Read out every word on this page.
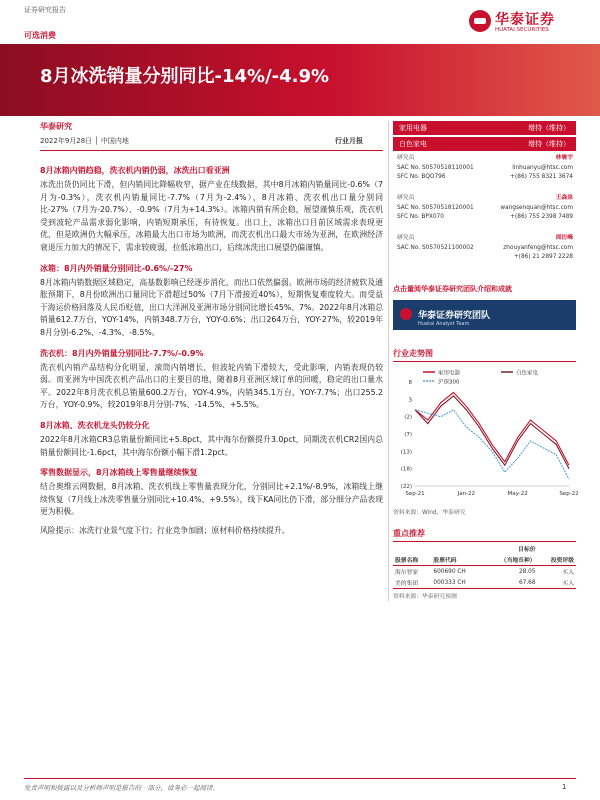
证券研究报告
华泰证券
HUATAI SECURITIES
可选消费
8月冰洗销量分别同比-14%/-4.9%
华泰研究
2022年9月28日 │ 中国内地	行业月报
8月冰箱内销趋稳，洗衣机内销仍弱，冰洗出口看亚洲
冰洗出货仍同比下滑，但内销同比降幅收窄，据产业在线数据，其中8月冰箱内销量同比-0.6%（7月为-0.3%），洗衣机内销量同比-7.7%（7月为-2.4%），8月冰箱、洗衣机出口量分别同比-27%（7月为-20.7%）、-0.9%（7月为+14.3%）。冰箱内销有所企稳，展望谨慎乐观，洗衣机受到波轮产品需求弱化影响，内销短期承压，有待恢复。出口上，冰箱出口目前区域需求表现更优，但是欧洲仍大幅承压，冰箱最大出口市场为欧洲，而洗衣机出口最大市场为亚洲，在欧洲经济衰退压力加大的情况下，需求较疲弱，拉低冰箱出口，后续冰洗出口展望仍偏谨慎。
冰箱：8月内外销量分别同比-0.6%/-27%
8月冰箱内销数据区域稳定，高基数影响已经逐步消化，而出口依然偏弱。欧洲市场的经济疲软及通胀预期下，8月份欧洲出口量同比下滑超过50%（7月下滑接近40%），短期恢复难度较大。而受益于海运价格回落及人民币贬值，出口大洋洲及亚洲市场分别同比增长45%、7%。2022年8月冰箱总销量612.7万台，YOY-14%，内销348.7万台，YOY-0.6%；出口264万台，YOY-27%，较2019年8月分别-6.2%、-4.3%、-8.5%。
洗衣机：8月内外销量分别同比-7.7%/-0.9%
洗衣机内销产品结构分化明显，滚筒内销增长，但波轮内销下滑较大，受此影响，内销表现仍较弱。而亚洲为中国洗衣机产品出口的主要目的地，随着8月亚洲区域订单的回暖，稳定的出口量水平。2022年8月洗衣机总销量600.2万台，YOY-4.9%，内销345.1万台，YOY-7.7%；出口255.2万台，YOY-0.9%，较2019年8月分别-7%、-14.5%、+5.5%。
8月冰箱、洗衣机龙头仍较分化
2022年8月冰箱CR3总销量份额同比+5.8pct，其中海尔份额提升3.0pct，同期洗衣机CR2国内总销量份额同比-1.6pct，其中海尔份额小幅下滑1.2pct。
零售数据显示，8月冰箱线上零售量继续恢复
结合奥维云网数据，8月冰箱、洗衣机线上零售量表现分化，分别同比+2.1%/-8.9%，冰箱线上继续恢复（7月线上冰洗零售量分别同比+10.4%、+9.5%），线下KA同比仍下滑，部分细分产品表现更为积极。
风险提示：冰洗行业景气度下行；行业竞争加剧；原材料价格持续提升。
家用电器	增持（维持）
白色家电	增持（维持）
研究员	林寰宇
SAC No. S0570518110001	linhuanyu@htsc.com
SFC No. BQO796	+(86) 755 8321 3674
研究员	王森泉
SAC No. S0570518120001	wangsenquan@htsc.com
SFC No. BPX070	+(86) 755 2398 7489
研究员	周衍峰
SAC No. S0570521100002	zhouyanfeng@htsc.com
+(86) 21 2897 2228
点击量阅华泰证券研究团队介绍和成就
华泰证券研究团队
Huatai Analyst Team
行业走势图
家用电器	白色家电
沪深300
8
3
(2)
(7)
(13)
(18)
(22)
Sep-21	Jan-22	May-22	Sep-22
资料来源：Wind，华泰研究
重点推荐
		目标价	
股票名称	股票代码	（当地币种）	投资评级
海尔智家	600690 CH	28.05	买入
美的集团	000333 CH	67.68	买入
资料来源：华泰研究预测
免责声明和披露以及分析师声明是报告的一部分，请务必一起阅读。	1
